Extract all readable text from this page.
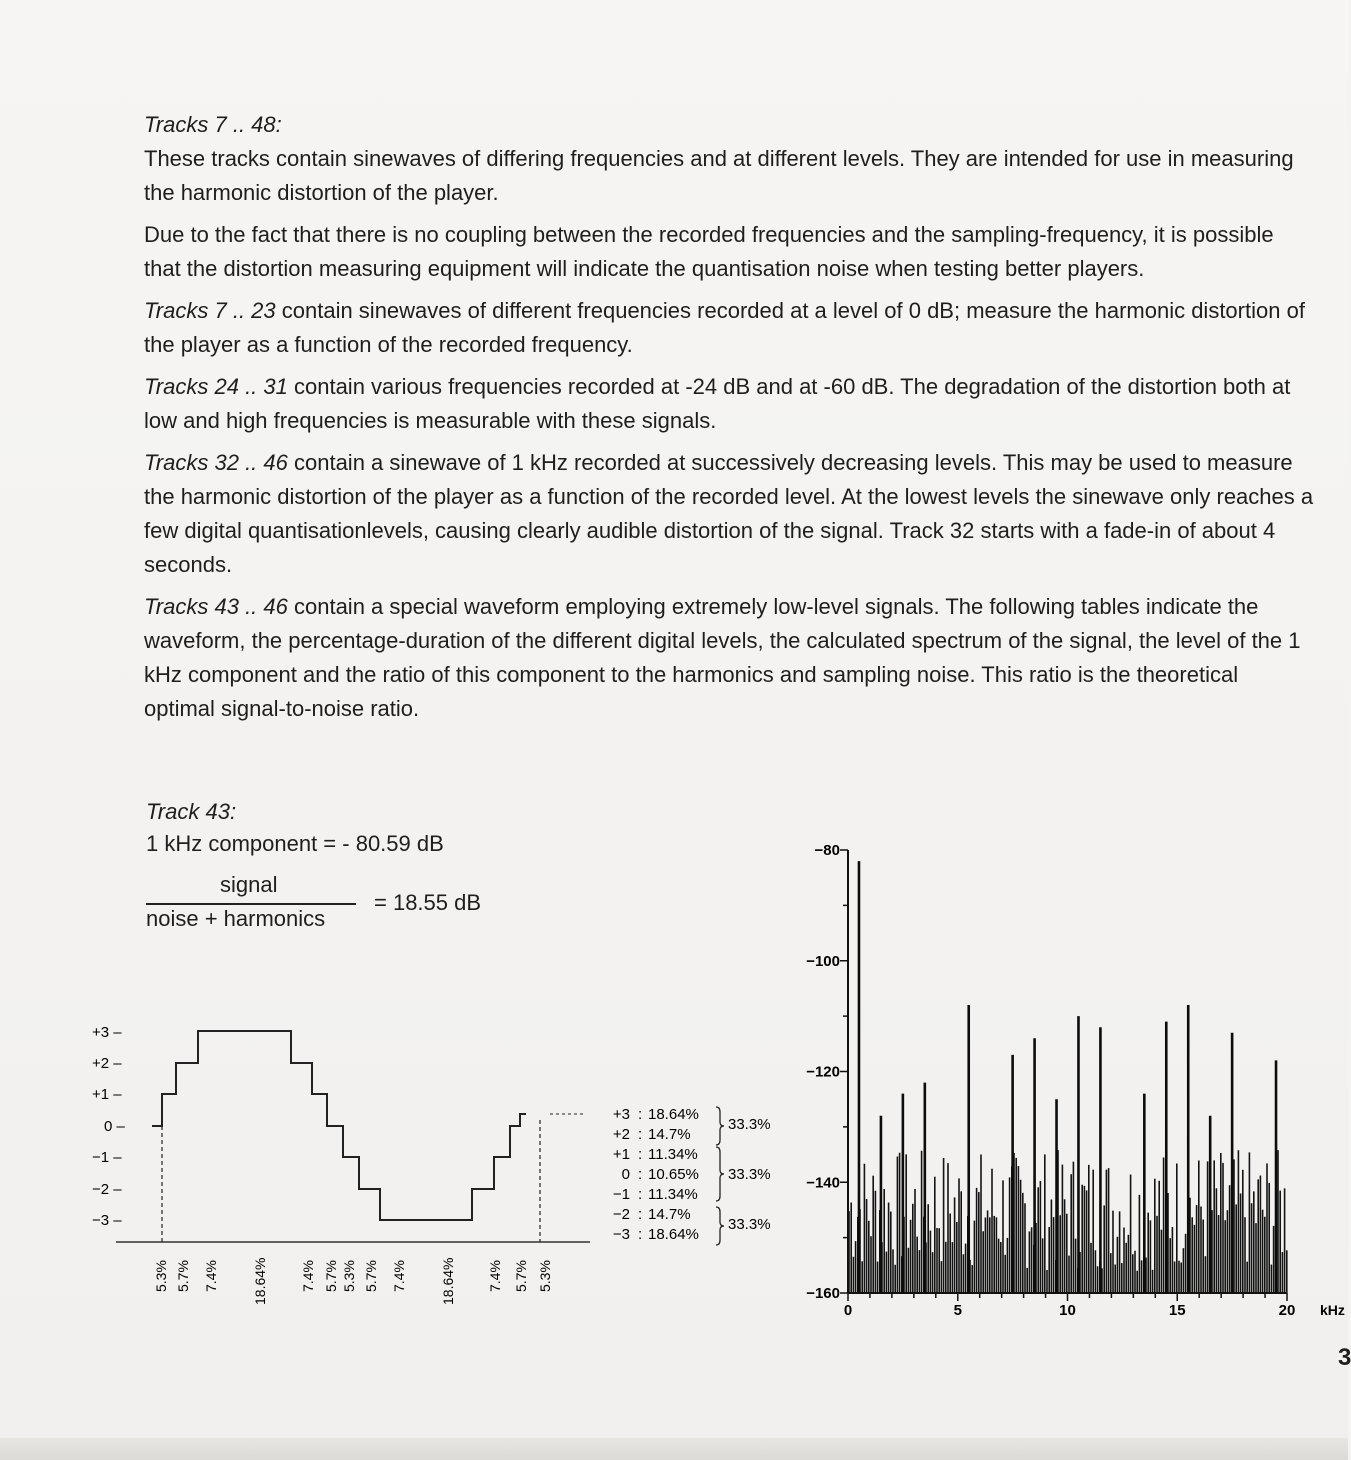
Tracks 7 .. 48:
These tracks contain sinewaves of differing frequencies and at different levels. They are intended for use in measuring the harmonic distortion of the player.

Due to the fact that there is no coupling between the recorded frequencies and the sampling-frequency, it is possible that the distortion measuring equipment will indicate the quantisation noise when testing better players.

Tracks 7 .. 23 contain sinewaves of different frequencies recorded at a level of 0 dB; measure the harmonic distortion of the player as a function of the recorded frequency.

Tracks 24 .. 31 contain various frequencies recorded at -24 dB and at -60 dB. The degradation of the distortion both at low and high frequencies is measurable with these signals.

Tracks 32 .. 46 contain a sinewave of 1 kHz recorded at successively decreasing levels. This may be used to measure the harmonic distortion of the player as a function of the recorded level. At the lowest levels the sinewave only reaches a few digital quantisationlevels, causing clearly audible distortion of the signal. Track 32 starts with a fade-in of about 4 seconds.

Tracks 43 .. 46 contain a special waveform employing extremely low-level signals. The following tables indicate the waveform, the percentage-duration of the different digital levels, the calculated spectrum of the signal, the level of the 1 kHz component and the ratio of this component to the harmonics and sampling noise. This ratio is the theoretical optimal signal-to-noise ratio.

Track 43:
1 kHz component = - 80.59 dB
signal
noise + harmonics
= 18.55 dB
+3 –
+2 –
+1 –
0 –
−1 –
−2 –
−3 –
5.3% 5.7% 7.4% 18.64% 7.4% 5.7% 5.3% 5.7% 7.4% 18.64% 7.4% 5.7% 5.3%
+3 : 18.64%
+2 : 14.7%
+1 : 11.34%
0 : 10.65%
−1 : 11.34%
−2 : 14.7%
−3 : 18.64%
33.3%
33.3%
33.3%
−80
−100
−120
−140
−160
0	5	10	15	20 kHz
3
